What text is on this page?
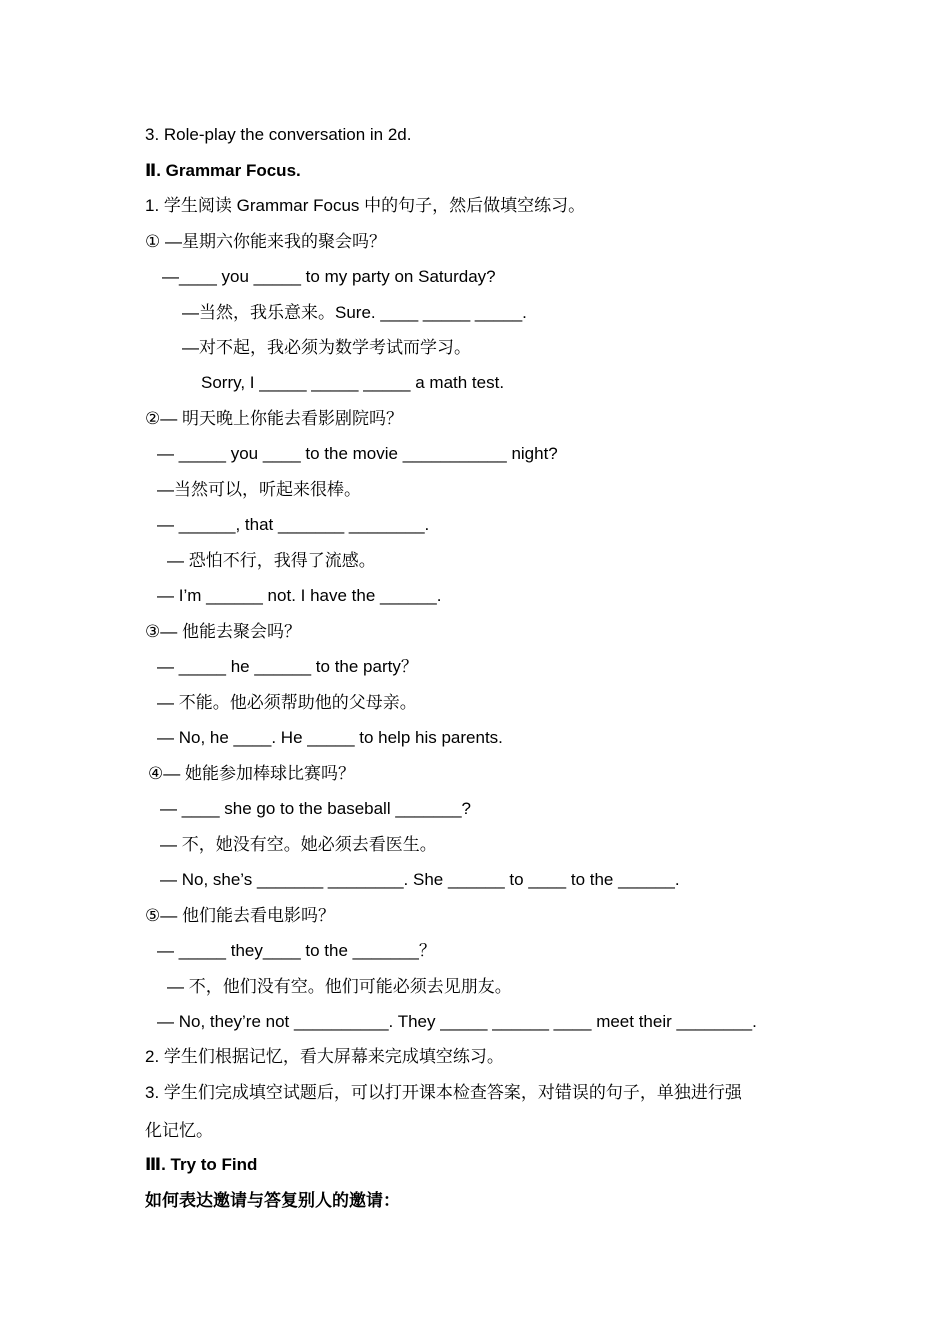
3. Role-play the conversation in 2d.
Ⅱ. Grammar Focus.
1. 学生阅读 Grammar Focus 中的句子，然后做填空练习。
① —星期六你能来我的聚会吗？
—____ you _____ to my party on Saturday?
—当然，我乐意来。Sure. ____ _____ _____.
—对不起，我必须为数学考试而学习。
Sorry, I _____ _____ _____ a math test.
②— 明天晚上你能去看影剧院吗？
— _____ you ____ to the movie ___________ night?
—当然可以，听起来很棒。
— ______, that _______ ________.
— 恐怕不行，我得了流感。
— I’m ______ not. I have the ______.
③— 他能去聚会吗？
— _____ he ______ to the party？
— 不能。他必须帮助他的父母亲。
— No, he ____. He _____ to help his parents.
④— 她能参加棒球比赛吗？
— ____ she go to the baseball _______?
— 不，她没有空。她必须去看医生。
— No, she’s _______ ________. She ______ to ____ to the ______.
⑤— 他们能去看电影吗？
— _____ they____ to the _______？
— 不，他们没有空。他们可能必须去见朋友。
— No, they’re not __________. They _____ ______ ____ meet their ________.
2. 学生们根据记忆，看大屏幕来完成填空练习。
3. 学生们完成填空试题后，可以打开课本检查答案，对错误的句子，单独进行强
化记忆。
Ⅲ. Try to Find
如何表达邀请与答复别人的邀请：
